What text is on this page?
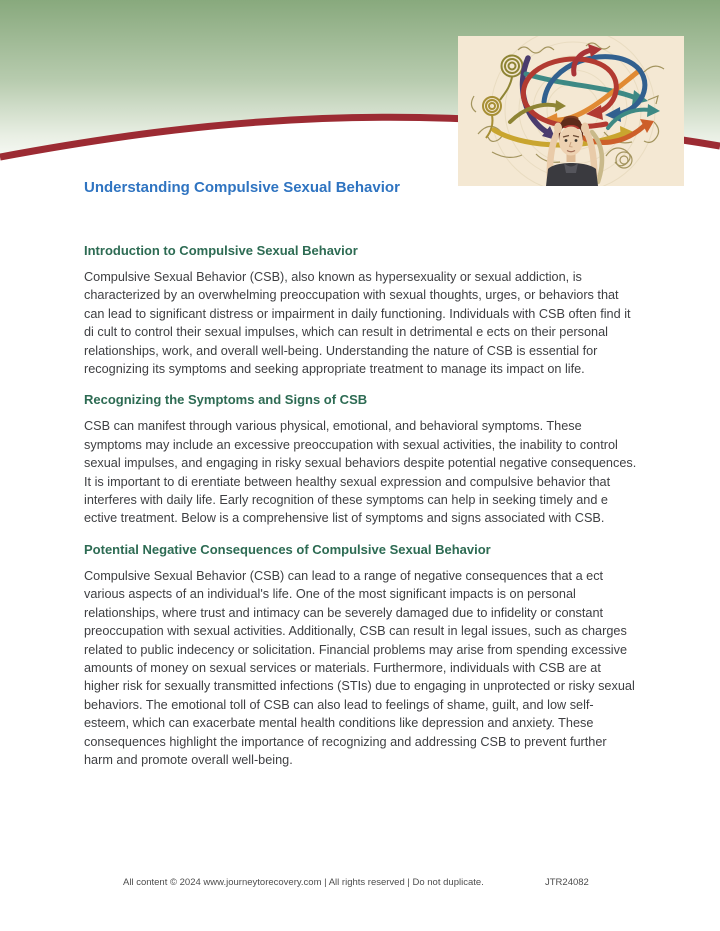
Understanding Compulsive Sexual Behavior
Introduction to Compulsive Sexual Behavior

Compulsive Sexual Behavior (CSB), also known as hypersexuality or sexual addiction, is characterized by an overwhelming preoccupation with sexual thoughts, urges, or behaviors that can lead to significant distress or impairment in daily functioning. Individuals with CSB often find it di cult to control their sexual impulses, which can result in detrimental e ects on their personal relationships, work, and overall well-being. Understanding the nature of CSB is essential for recognizing its symptoms and seeking appropriate treatment to manage its impact on life.

Recognizing the Symptoms and Signs of CSB

CSB can manifest through various physical, emotional, and behavioral symptoms. These symptoms may include an excessive preoccupation with sexual activities, the inability to control sexual impulses, and engaging in risky sexual behaviors despite potential negative consequences. It is important to di erentiate between healthy sexual expression and compulsive behavior that interferes with daily life. Early recognition of these symptoms can help in seeking timely and e ective treatment. Below is a comprehensive list of symptoms and signs associated with CSB.

Potential Negative Consequences of Compulsive Sexual Behavior

Compulsive Sexual Behavior (CSB) can lead to a range of negative consequences that a ect various aspects of an individual's life. One of the most significant impacts is on personal relationships, where trust and intimacy can be severely damaged due to infidelity or constant preoccupation with sexual activities. Additionally, CSB can result in legal issues, such as charges related to public indecency or solicitation. Financial problems may arise from spending excessive amounts of money on sexual services or materials. Furthermore, individuals with CSB are at higher risk for sexually transmitted infections (STIs) due to engaging in unprotected or risky sexual behaviors. The emotional toll of CSB can also lead to feelings of shame, guilt, and low self-esteem, which can exacerbate mental health conditions like depression and anxiety. These consequences highlight the importance of recognizing and addressing CSB to prevent further harm and promote overall well-being.

All content © 2024 www.journeytorecovery.com | All rights reserved | Do not duplicate.	JTR24082
